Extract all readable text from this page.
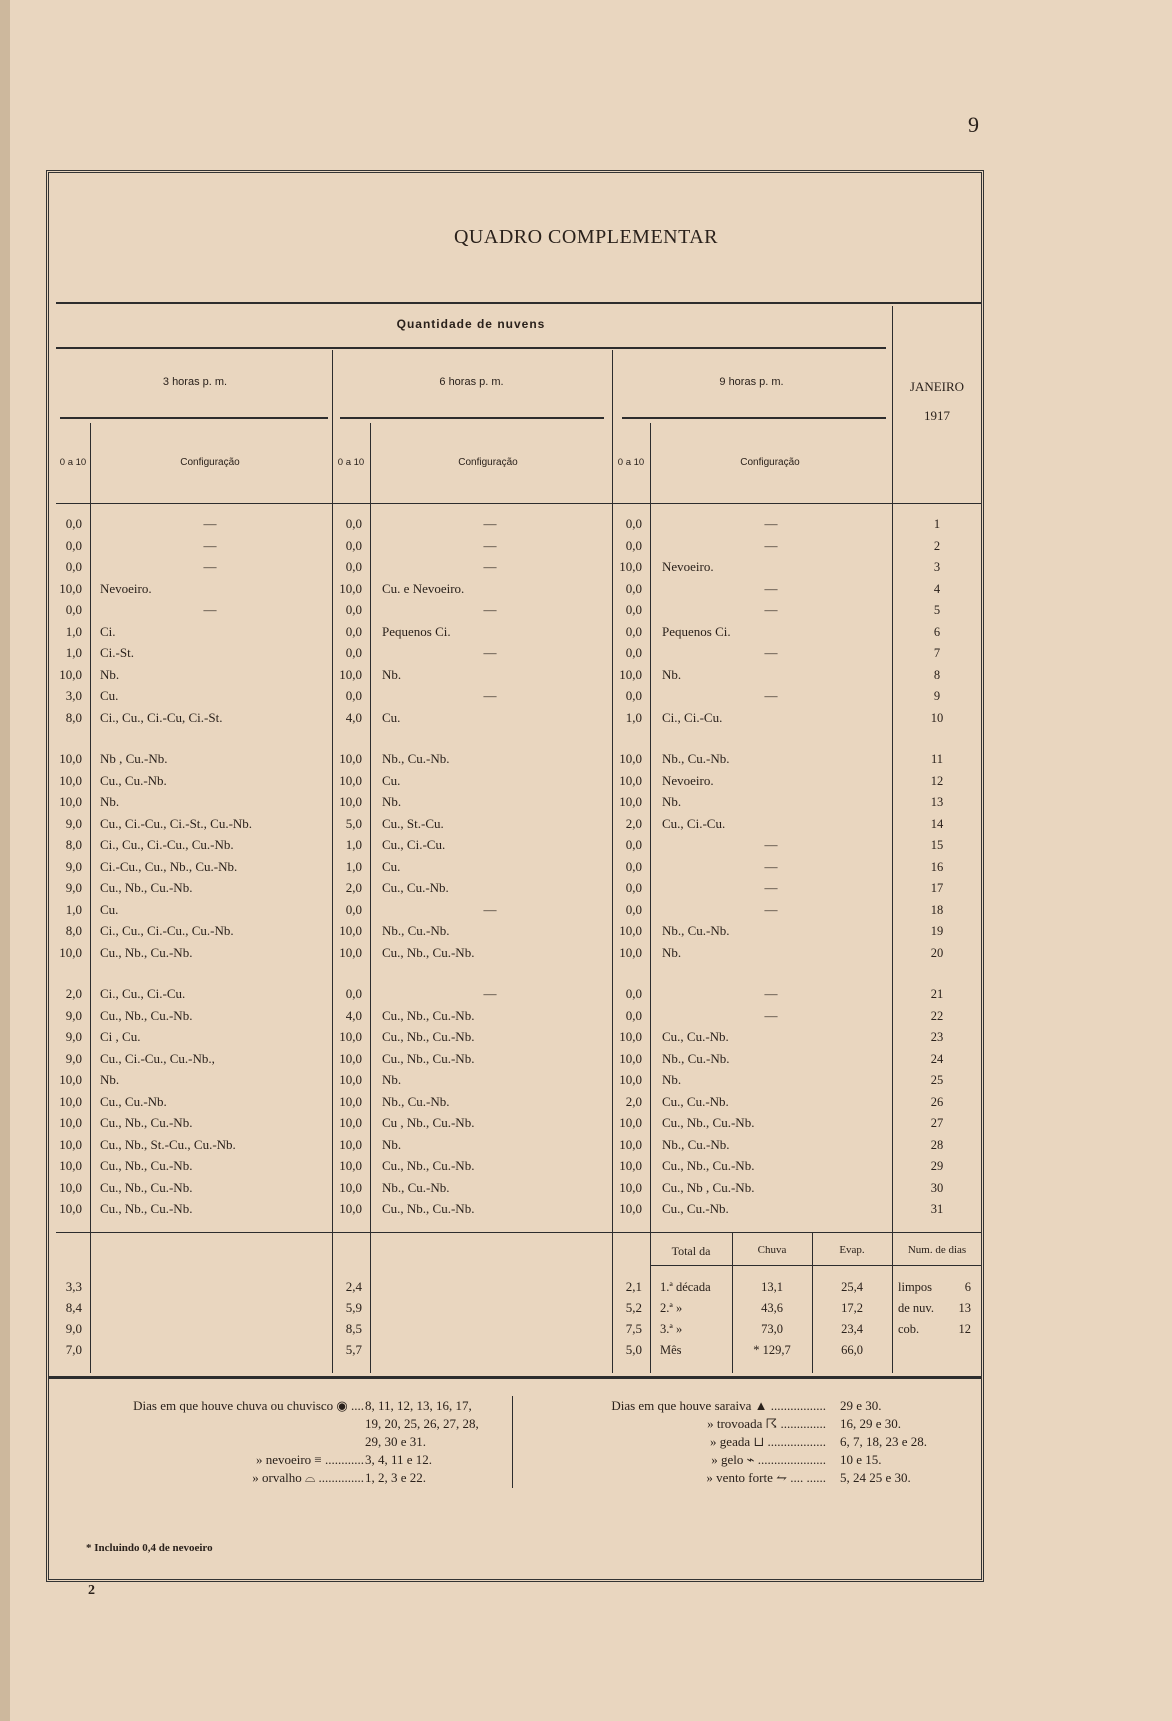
9
QUADRO COMPLEMENTAR
Quantidade de nuvens
3 horas p. m.	6 horas p. m.	9 horas p. m.	JANEIRO
1917
0 a 10	Configuração	0 a 10	Configuração	0 a 10	Configuração
0,0	—	0,0	—	0,0	—	1
0,0	—	0,0	—	0,0	—	2
0,0	—	0,0	—	10,0 Nevoeiro.	3
10,0 Nevoeiro.	10,0 Cu. e Nevoeiro.	0,0	—	4
0,0	—	0,0	—	0,0	—	5
1,0 Ci.	0,0 Pequenos Ci.	0,0 Pequenos Ci.	6
1,0 Ci.-St.	0,0	—	0,0	—	7
10,0 Nb.	10,0 Nb.	10,0 Nb.	8
3,0 Cu.	0,0	—	0,0	—	9
8,0 Ci., Cu., Ci.-Cu, Ci.-St.	4,0 Cu.	1,0 Ci., Ci.-Cu.	10
10,0 Nb , Cu.-Nb.	10,0 Nb., Cu.-Nb.	10,0 Nb., Cu.-Nb.	11
10,0 Cu., Cu.-Nb.	10,0 Cu.	10,0 Nevoeiro.	12
10,0 Nb.	10,0 Nb.	10,0 Nb.	13
9,0 Cu., Ci.-Cu., Ci.-St., Cu.-Nb.	5,0 Cu., St.-Cu.	2,0 Cu., Ci.-Cu.	14
8,0 Ci., Cu., Ci.-Cu., Cu.-Nb.	1,0 Cu., Ci.-Cu.	0,0	—	15
9,0 Ci.-Cu., Cu., Nb., Cu.-Nb.	1,0 Cu.	0,0	—	16
9,0 Cu., Nb., Cu.-Nb.	2,0 Cu., Cu.-Nb.	0,0	—	17
1,0 Cu.	0,0	—	0,0	—	18
8,0 Ci., Cu., Ci.-Cu., Cu.-Nb.	10,0 Nb., Cu.-Nb.	10,0 Nb., Cu.-Nb.	19
10,0 Cu., Nb., Cu.-Nb.	10,0 Cu., Nb., Cu.-Nb.	10,0 Nb.	20
2,0 Ci., Cu., Ci.-Cu.	0,0	—	0,0	—	21
9,0 Cu., Nb., Cu.-Nb.	4,0 Cu., Nb., Cu.-Nb.	0,0	—	22
9,0 Ci , Cu.	10,0 Cu., Nb., Cu.-Nb.	10,0 Cu., Cu.-Nb.	23
9,0 Cu., Ci.-Cu., Cu.-Nb.,	10,0 Cu., Nb., Cu.-Nb.	10,0 Nb., Cu.-Nb.	24
10,0 Nb.	10,0 Nb.	10,0 Nb.	25
10,0 Cu., Cu.-Nb.	10,0 Nb., Cu.-Nb.	2,0 Cu., Cu.-Nb.	26
10,0 Cu., Nb., Cu.-Nb.	10,0 Cu , Nb., Cu.-Nb.	10,0 Cu., Nb., Cu.-Nb.	27
10,0 Cu., Nb., St.-Cu., Cu.-Nb.	10,0 Nb.	10,0 Nb., Cu.-Nb.	28
10,0 Cu., Nb., Cu.-Nb.	10,0 Cu., Nb., Cu.-Nb.	10,0 Cu., Nb., Cu.-Nb.	29
10,0 Cu., Nb., Cu.-Nb.	10,0 Nb., Cu.-Nb.	10,0 Cu., Nb , Cu.-Nb.	30
10,0 Cu., Nb., Cu.-Nb.	10,0 Cu., Nb., Cu.-Nb.	10,0 Cu., Cu.-Nb.	31
Total da	Chuva	Evap.	Num. de dias
3,3	2,4	2,1 1.ª década	13,1	25,4	limpos	6
8,4	5,9	5,2 2.ª »	43,6	17,2	de nuv.	13
9,0	8,5	7,5 3.ª »	73,0	23,4	cob.	12
7,0	5,7	5,0 Mês	* 129,7	66,0
Dias em que houve chuva ou chuvisco ◉ .... 8, 11, 12, 13, 16, 17,
19, 20, 25, 26, 27, 28,
29, 30 e 31.
» nevoeiro ≡ ............ 3, 4, 11 e 12.
» orvalho ⌓ .............. 1, 2, 3 e 22.
Dias em que houve saraiva ▲ ................. 29 e 30.
» trovoada ☈ .............. 16, 29 e 30.
» geada ⊔ .................. 6, 7, 18, 23 e 28.
» gelo ⌁ ..................... 10 e 15.
» vento forte ⥊ .... ...... 5, 24 25 e 30.
* Incluindo 0,4 de nevoeiro
2
